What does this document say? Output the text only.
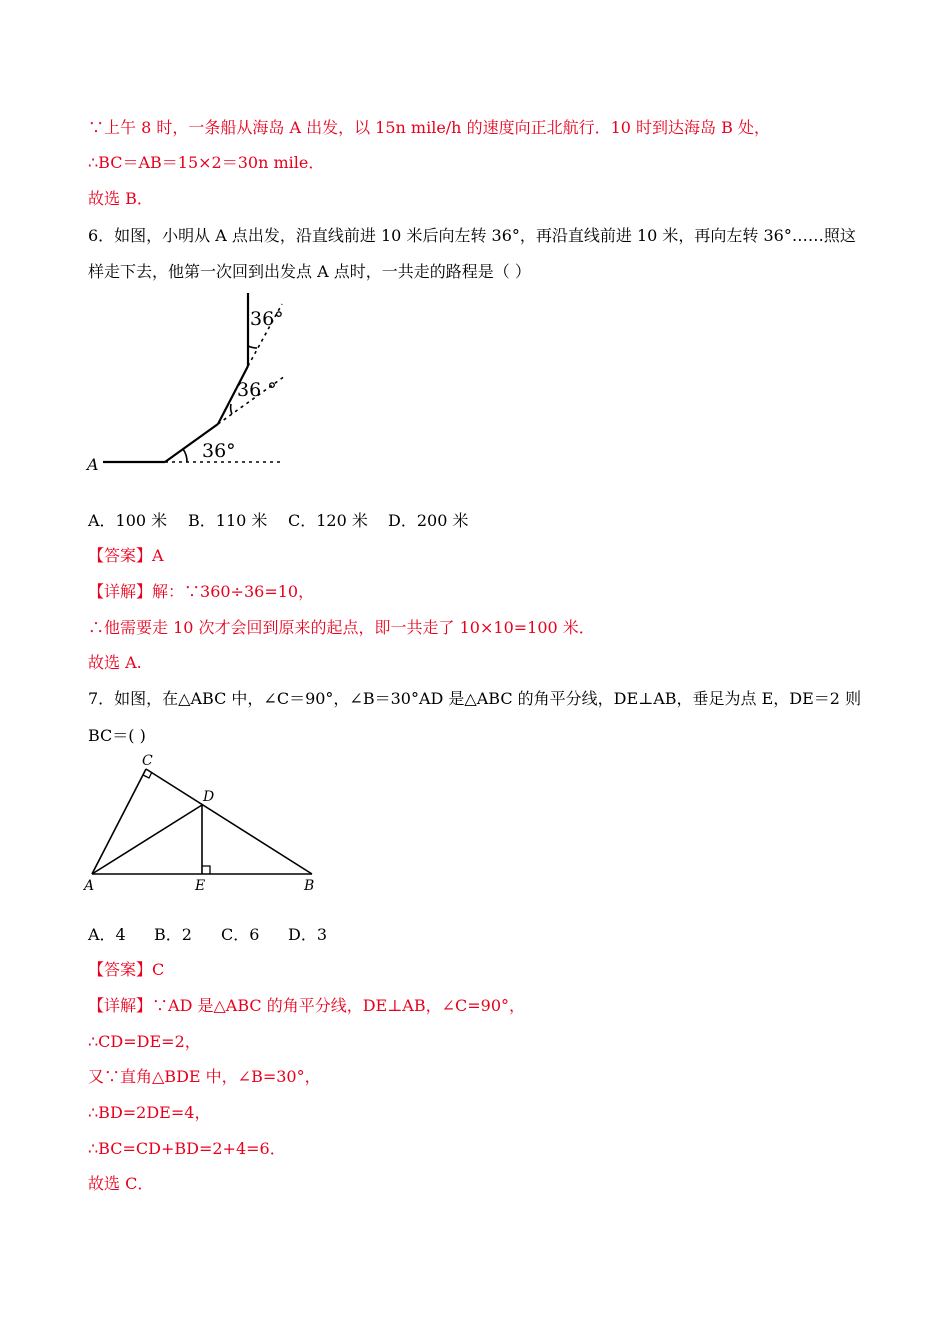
∵上午 8 时，一条船从海岛 A 出发，以 15n mile/h 的速度向正北航行．10 时到达海岛 B 处，
∴BC＝AB＝15×2＝30n mile．
故选 B．
6．如图，小明从 A 点出发，沿直线前进 10 米后向左转 36°，再沿直线前进 10 米，再向左转 36°……照这
样走下去，他第一次回到出发点 A 点时，一共走的路程是（ ）
36°
36 °
36°
A
A．100 米 B．110 米 C．120 米 D．200 米
【答案】A
【详解】解：∵360÷36=10，
∴他需要走 10 次才会回到原来的起点，即一共走了 10×10=100 米．
故选 A.
7．如图，在△ABC 中，∠C＝90°，∠B＝30°AD 是△ABC 的角平分线，DE⊥AB，垂足为点 E，DE＝2 则
BC＝( )
C
D
A	E	B
A．4 B．2 C．6 D．3
【答案】C
【详解】∵AD 是△ABC 的角平分线，DE⊥AB，∠C=90°，
∴CD=DE=2，
又∵直角△BDE 中，∠B=30°，
∴BD=2DE=4，
∴BC=CD+BD=2+4=6．
故选 C．
